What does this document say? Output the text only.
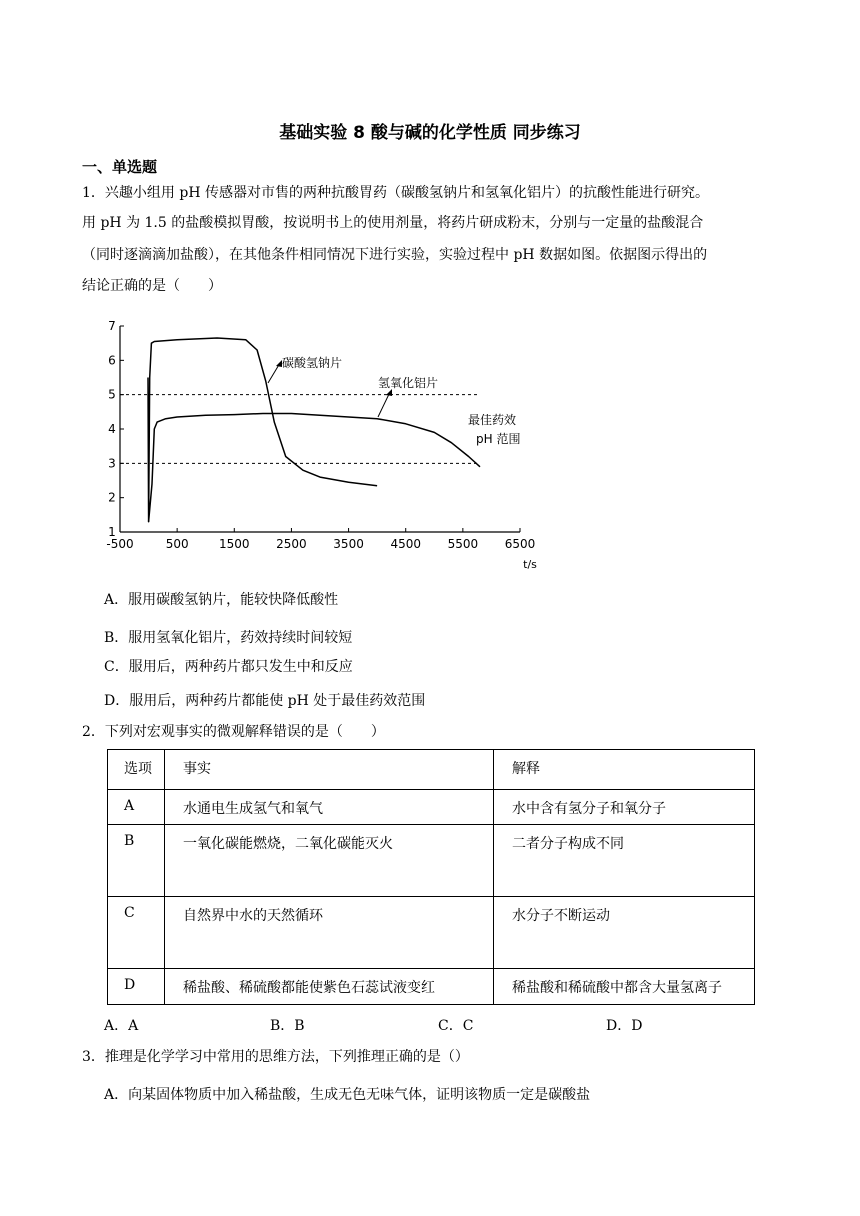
基础实验 8 酸与碱的化学性质 同步练习
一、单选题
1．兴趣小组用 pH 传感器对市售的两种抗酸胃药（碳酸氢钠片和氢氧化铝片）的抗酸性能进行研究。
用 pH 为 1.5 的盐酸模拟胃酸，按说明书上的使用剂量，将药片研成粉末，分别与一定量的盐酸混合
（同时逐滴滴加盐酸），在其他条件相同情况下进行实验，实验过程中 pH 数据如图。依据图示得出的
结论正确的是（　　）
1
2
3
4
5
6
7
-500	500	1500 2500 3500 4500 5500 6500
t/s
碳酸氢钠片
氢氧化铝片
最佳药效
pH 范围
A．服用碳酸氢钠片，能较快降低酸性
B．服用氢氧化铝片，药效持续时间较短
C．服用后，两种药片都只发生中和反应
D．服用后，两种药片都能使 pH 处于最佳药效范围
2．下列对宏观事实的微观解释错误的是（　　）
选项	事实	解释
A	水通电生成氢气和氧气	水中含有氢分子和氧分子
B	一氧化碳能燃烧，二氧化碳能灭火	二者分子构成不同
C	自然界中水的天然循环	水分子不断运动
D	稀盐酸、稀硫酸都能使紫色石蕊试液变红	稀盐酸和稀硫酸中都含大量氢离子
A．A	B．B	C．C	D．D
3．推理是化学学习中常用的思维方法，下列推理正确的是（）
A．向某固体物质中加入稀盐酸，生成无色无味气体，证明该物质一定是碳酸盐
